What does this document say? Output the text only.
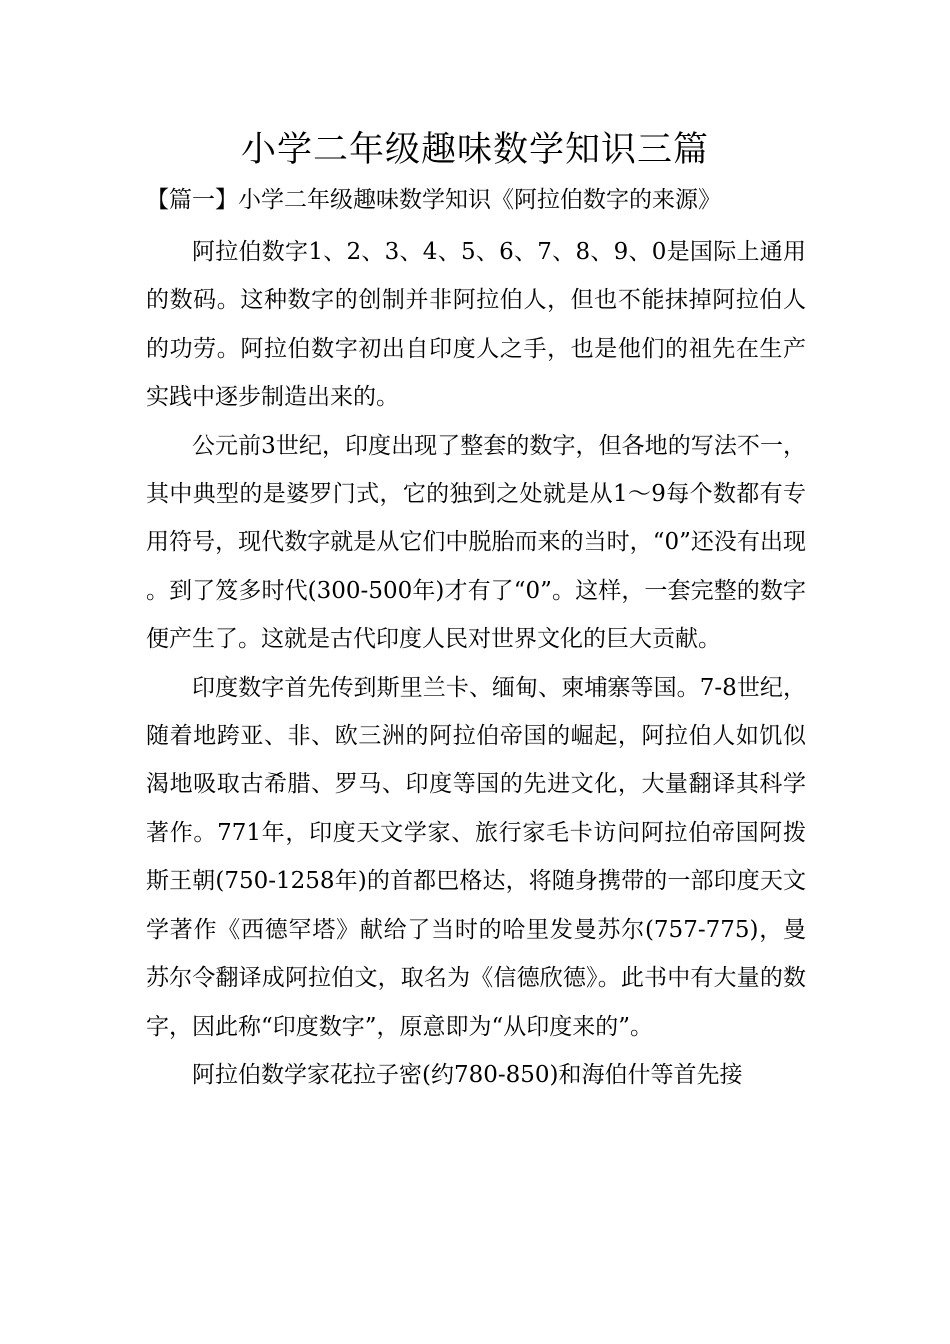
小学二年级趣味数学知识三篇
【篇一】小学二年级趣味数学知识《阿拉伯数字的来源》

阿拉伯数字1、2、3、4、5、6、7、8、9、0是国际上通用的数码。这种数字的创制并非阿拉伯人，但也不能抹掉阿拉伯人的功劳。阿拉伯数字初出自印度人之手，也是他们的祖先在生产实践中逐步制造出来的。

公元前3世纪，印度出现了整套的数字，但各地的写法不一，其中典型的是婆罗门式，它的独到之处就是从1～9每个数都有专用符号，现代数字就是从它们中脱胎而来的当时，“0”还没有出现。到了笈多时代(300-500年)才有了“0”。这样，一套完整的数字便产生了。这就是古代印度人民对世界文化的巨大贡献。

印度数字首先传到斯里兰卡、缅甸、柬埔寨等国。7-8世纪，随着地跨亚、非、欧三洲的阿拉伯帝国的崛起，阿拉伯人如饥似渴地吸取古希腊、罗马、印度等国的先进文化，大量翻译其科学著作。771年，印度天文学家、旅行家毛卡访问阿拉伯帝国阿拨斯王朝(750-1258年)的首都巴格达，将随身携带的一部印度天文学著作《西德罕塔》献给了当时的哈里发曼苏尔(757-775)，曼苏尔令翻译成阿拉伯文，取名为《信德欣德》。此书中有大量的数字，因此称“印度数字”，原意即为“从印度来的”。

阿拉伯数学家花拉子密(约780-850)和海伯什等首先接
